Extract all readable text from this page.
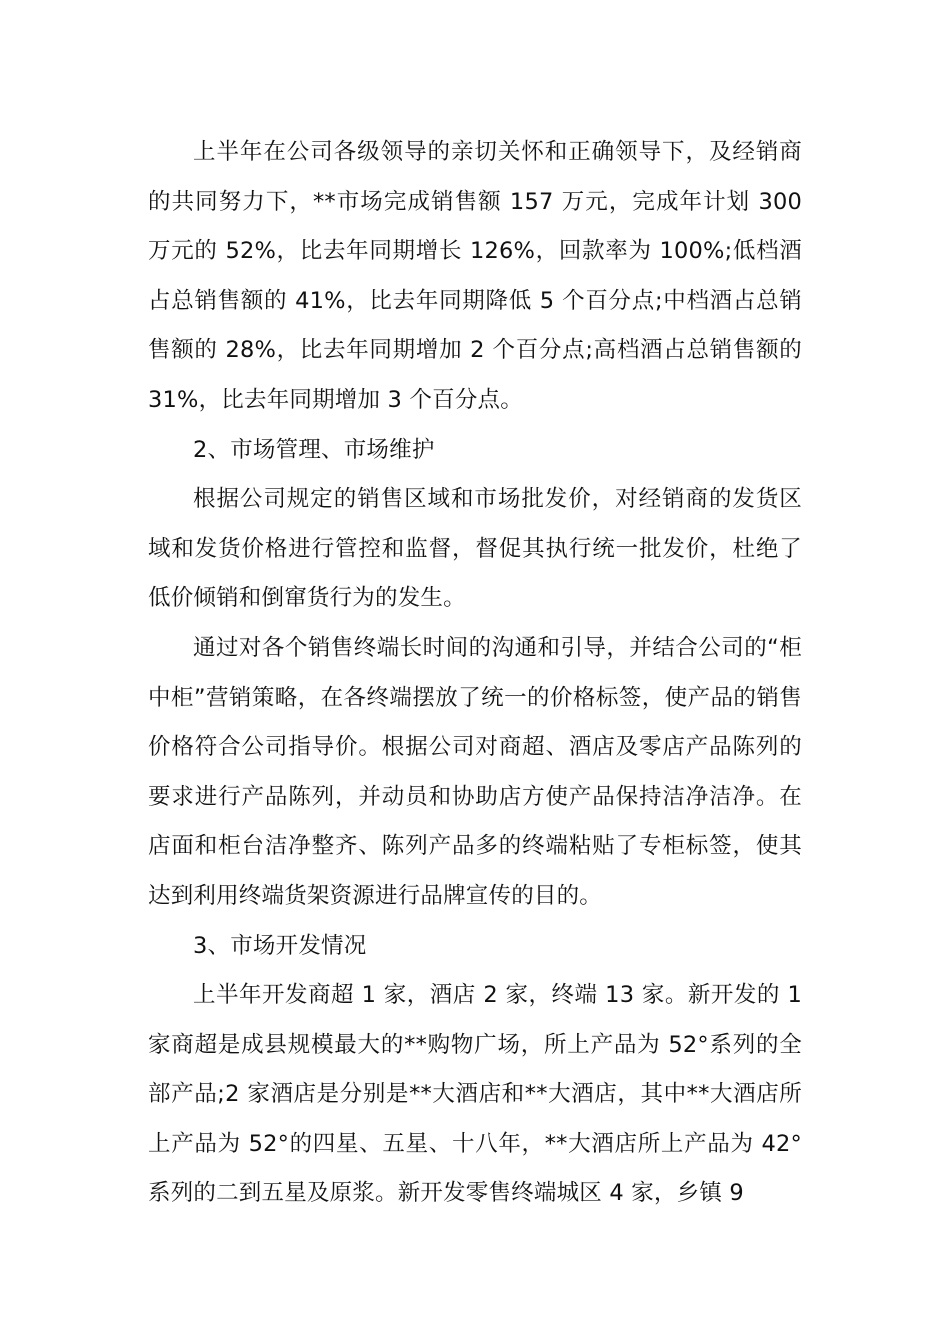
上半年在公司各级领导的亲切关怀和正确领导下，及经销商的共同努力下，**市场完成销售额 157 万元，完成年计划 300 万元的 52%，比去年同期增长 126%，回款率为 100%;低档酒占总销售额的 41%，比去年同期降低 5 个百分点;中档酒占总销售额的 28%，比去年同期增加 2 个百分点;高档酒占总销售额的 31%，比去年同期增加 3 个百分点。

2、市场管理、市场维护

根据公司规定的销售区域和市场批发价，对经销商的发货区域和发货价格进行管控和监督，督促其执行统一批发价，杜绝了低价倾销和倒窜货行为的发生。

通过对各个销售终端长时间的沟通和引导，并结合公司的“柜中柜”营销策略，在各终端摆放了统一的价格标签，使产品的销售价格符合公司指导价。根据公司对商超、酒店及零店产品陈列的要求进行产品陈列，并动员和协助店方使产品保持洁净洁净。在店面和柜台洁净整齐、陈列产品多的终端粘贴了专柜标签，使其达到利用终端货架资源进行品牌宣传的目的。

3、市场开发情况

上半年开发商超 1 家，酒店 2 家，终端 13 家。新开发的 1 家商超是成县规模最大的**购物广场，所上产品为 52°系列的全部产品;2 家酒店是分别是**大酒店和**大酒店，其中**大酒店所上产品为 52°的四星、五星、十八年，**大酒店所上产品为 42°系列的二到五星及原浆。新开发零售终端城区 4 家，乡镇 9
